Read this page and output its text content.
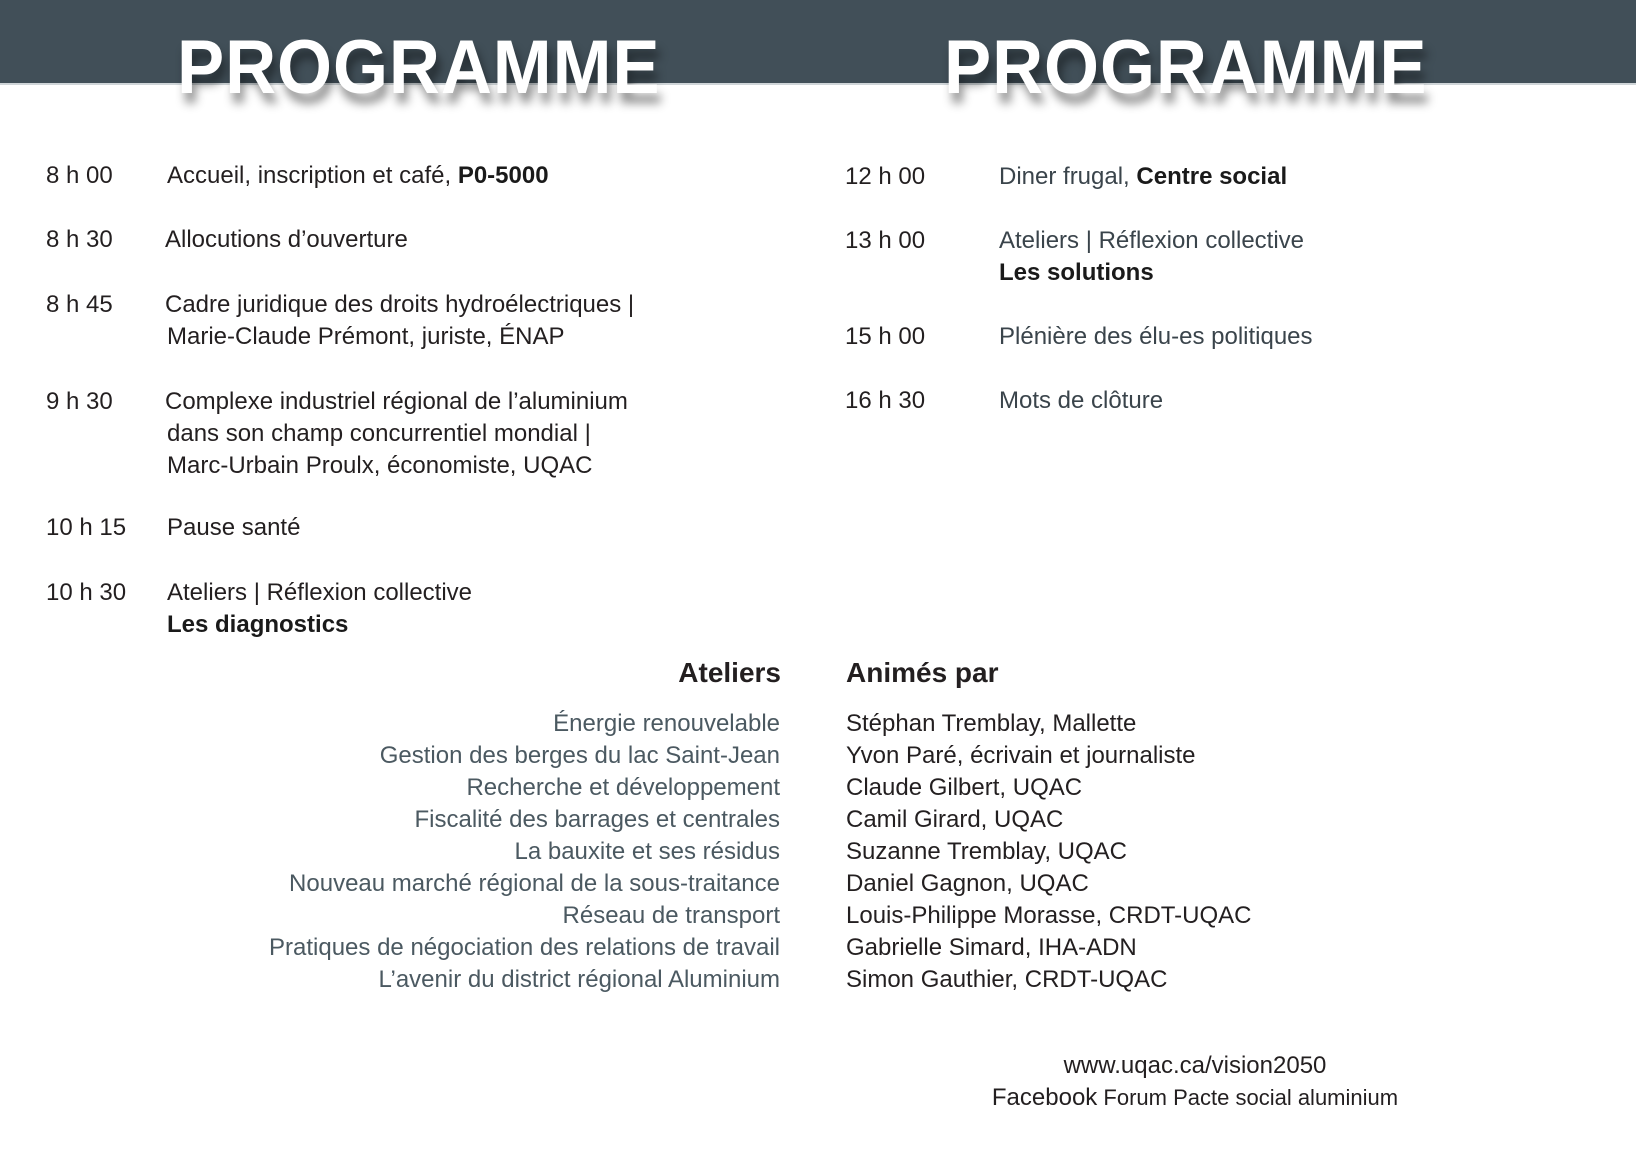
PROGRAMME	PROGRAMME
8 h 00 Accueil, inscription et café, P0-5000
8 h 30 Allocutions d’ouverture
8 h 45 Cadre juridique des droits hydroélectriques |
Marie-Claude Prémont, juriste, ÉNAP
9 h 30 Complexe industriel régional de l’aluminium
dans son champ concurrentiel mondial |
Marc-Urbain Proulx, économiste, UQAC
10 h 15 Pause santé
10 h 30 Ateliers | Réflexion collective
Les diagnostics
12 h 00	Diner frugal, Centre social
13 h 00	Ateliers | Réflexion collective
Les solutions
15 h 00	Plénière des élu-es politiques
16 h 30	Mots de clôture
Ateliers Animés par
Énergie renouvelable
Gestion des berges du lac Saint-Jean
Recherche et développement
Fiscalité des barrages et centrales
La bauxite et ses résidus
Nouveau marché régional de la sous-traitance
Réseau de transport
Pratiques de négociation des relations de travail
L’avenir du district régional Aluminium
Stéphan Tremblay, Mallette
Yvon Paré, écrivain et journaliste
Claude Gilbert, UQAC
Camil Girard, UQAC
Suzanne Tremblay, UQAC
Daniel Gagnon, UQAC
Louis-Philippe Morasse, CRDT-UQAC
Gabrielle Simard, IHA-ADN
Simon Gauthier, CRDT-UQAC
www.uqac.ca/vision2050
Facebook Forum Pacte social aluminium
